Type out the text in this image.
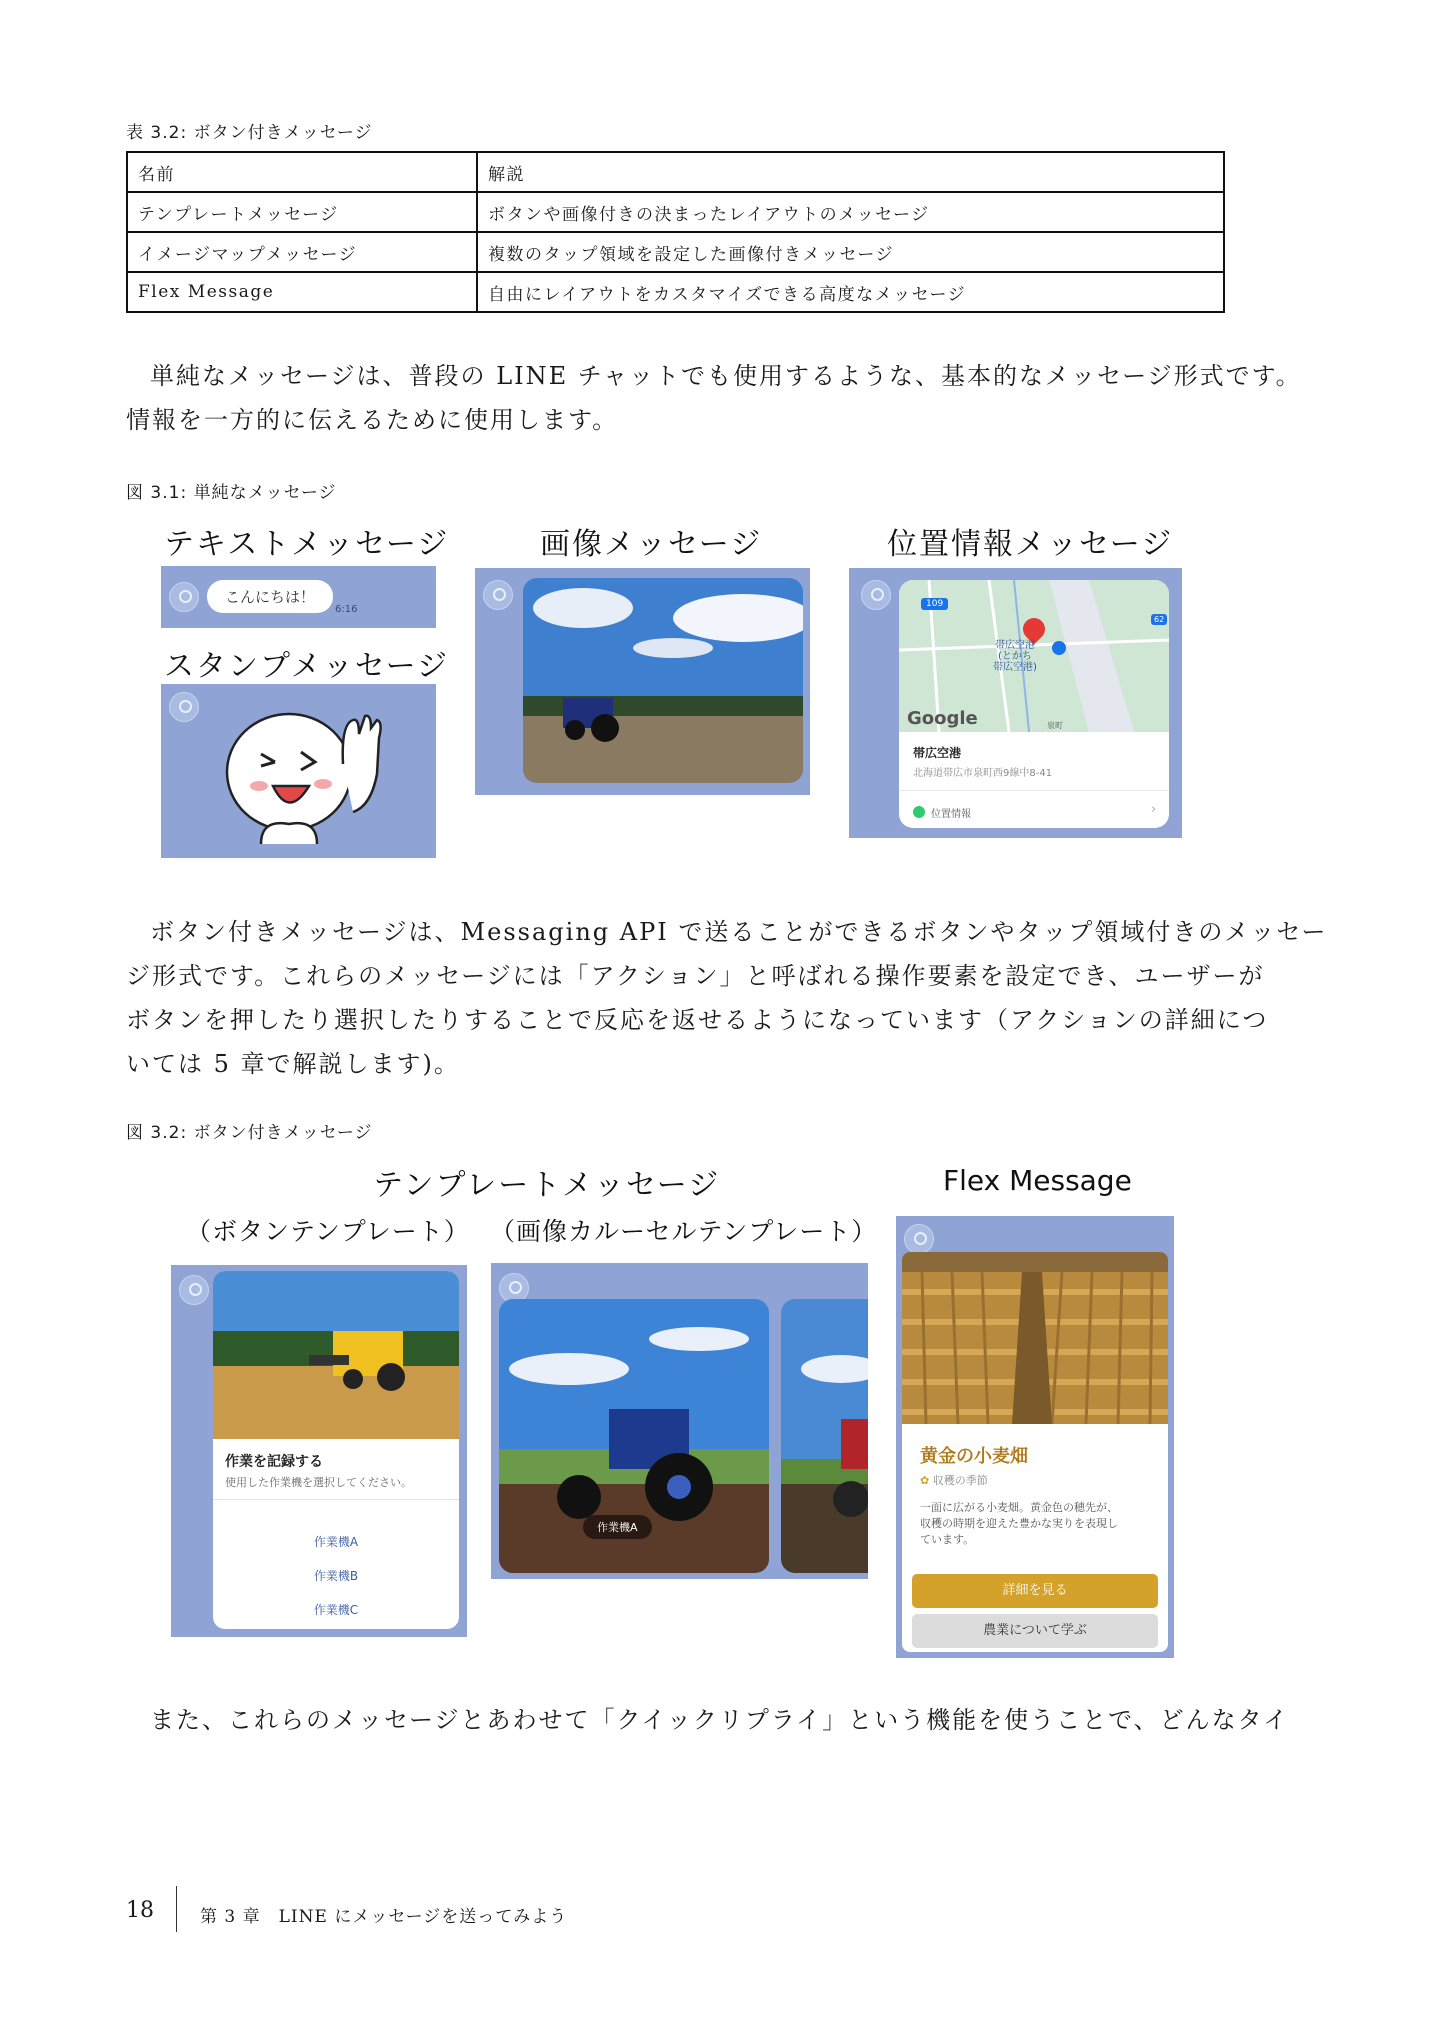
表 3.2: ボタン付きメッセージ
名前	解説
テンプレートメッセージ	ボタンや画像付きの決まったレイアウトのメッセージ
イメージマップメッセージ	複数のタップ領域を設定した画像付きメッセージ
Flex Message	自由にレイアウトをカスタマイズできる高度なメッセージ
単純なメッセージは、普段の LINE チャットでも使用するような、基本的なメッセージ形式です。
情報を一方的に伝えるために使用します。
図 3.1: 単純なメッセージ
テキストメッセージ
こんにちは！
6:16
スタンプメッセージ
画像メッセージ	位置情報メッセージ
109
62
帯広空港
(とかち
帯広空港)
Google	泉町
帯広空港
北海道帯広市泉町西9線中8-41
位置情報	›
ボタン付きメッセージは、Messaging API で送ることができるボタンやタップ領域付きのメッセー
ジ形式です。これらのメッセージには「アクション」と呼ばれる操作要素を設定でき、ユーザーが
ボタンを押したり選択したりすることで反応を返せるようになっています（アクションの詳細につ
いては 5 章で解説します)。
図 3.2: ボタン付きメッセージ
テンプレートメッセージ
（ボタンテンプレート） （画像カルーセルテンプレート）
Flex Message
作業を記録する
使用した作業機を選択してください。
作業機A
作業機B
作業機C
作業機A
黄金の小麦畑
✿ 収穫の季節
一面に広がる小麦畑。黄金色の穂先が、
収穫の時期を迎えた豊かな実りを表現し
ています。
詳細を見る
農業について学ぶ
また、これらのメッセージとあわせて「クイックリプライ」という機能を使うことで、どんなタイ
18	第 3 章　LINE にメッセージを送ってみよう
